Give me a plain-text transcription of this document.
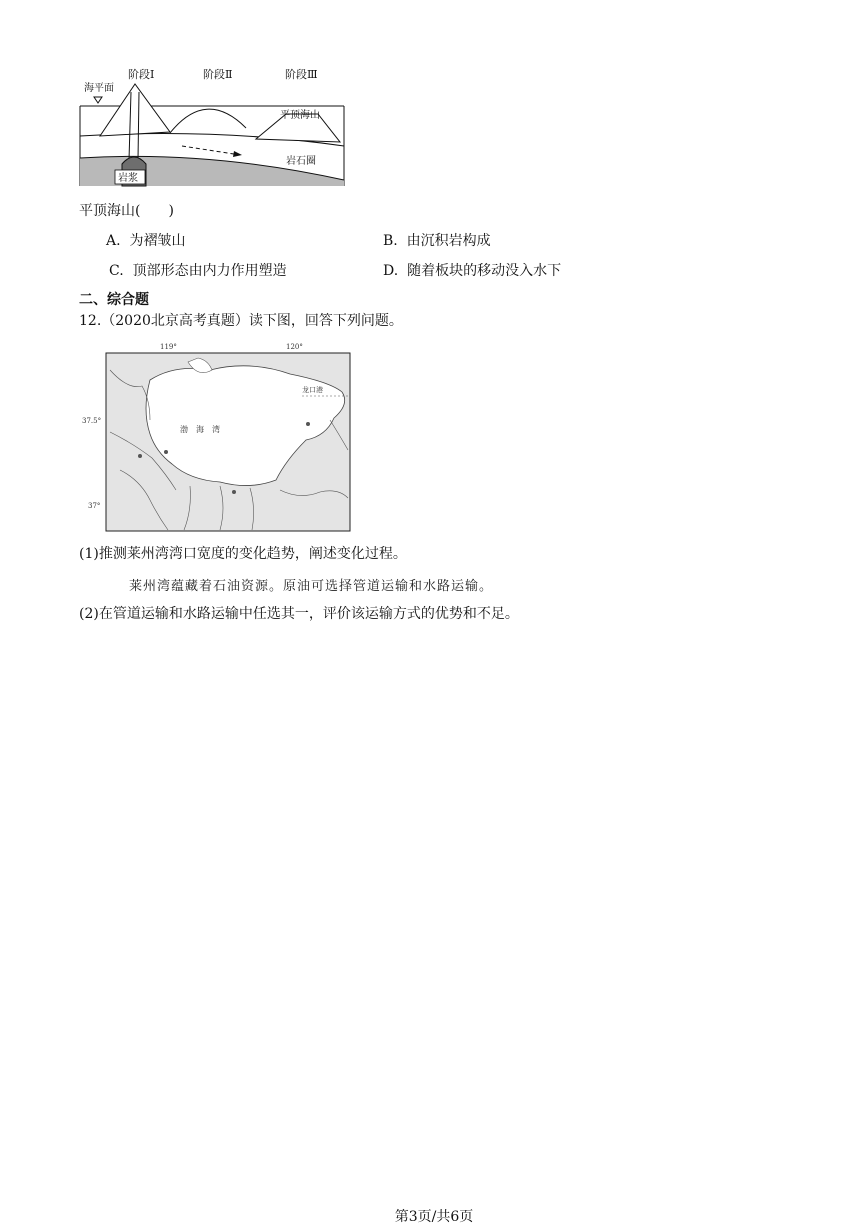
阶段Ⅰ	阶段Ⅱ	阶段Ⅲ
海平面
岩浆
平顶海山
岩石圈
平顶海山(　　)
A. 为褶皱山	B. 由沉积岩构成
C. 顶部形态由内力作用塑造	D. 随着板块的移动没入水下
二、综合题
12.（2020北京高考真题）读下图，回答下列问题。
119°	120°
37.5°
37°
渤　海　湾
龙口港
(1)推测莱州湾湾口宽度的变化趋势，阐述变化过程。
莱州湾蕴藏着石油资源。原油可选择管道运输和水路运输。
(2)在管道运输和水路运输中任选其一，评价该运输方式的优势和不足。
第3页/共6页
